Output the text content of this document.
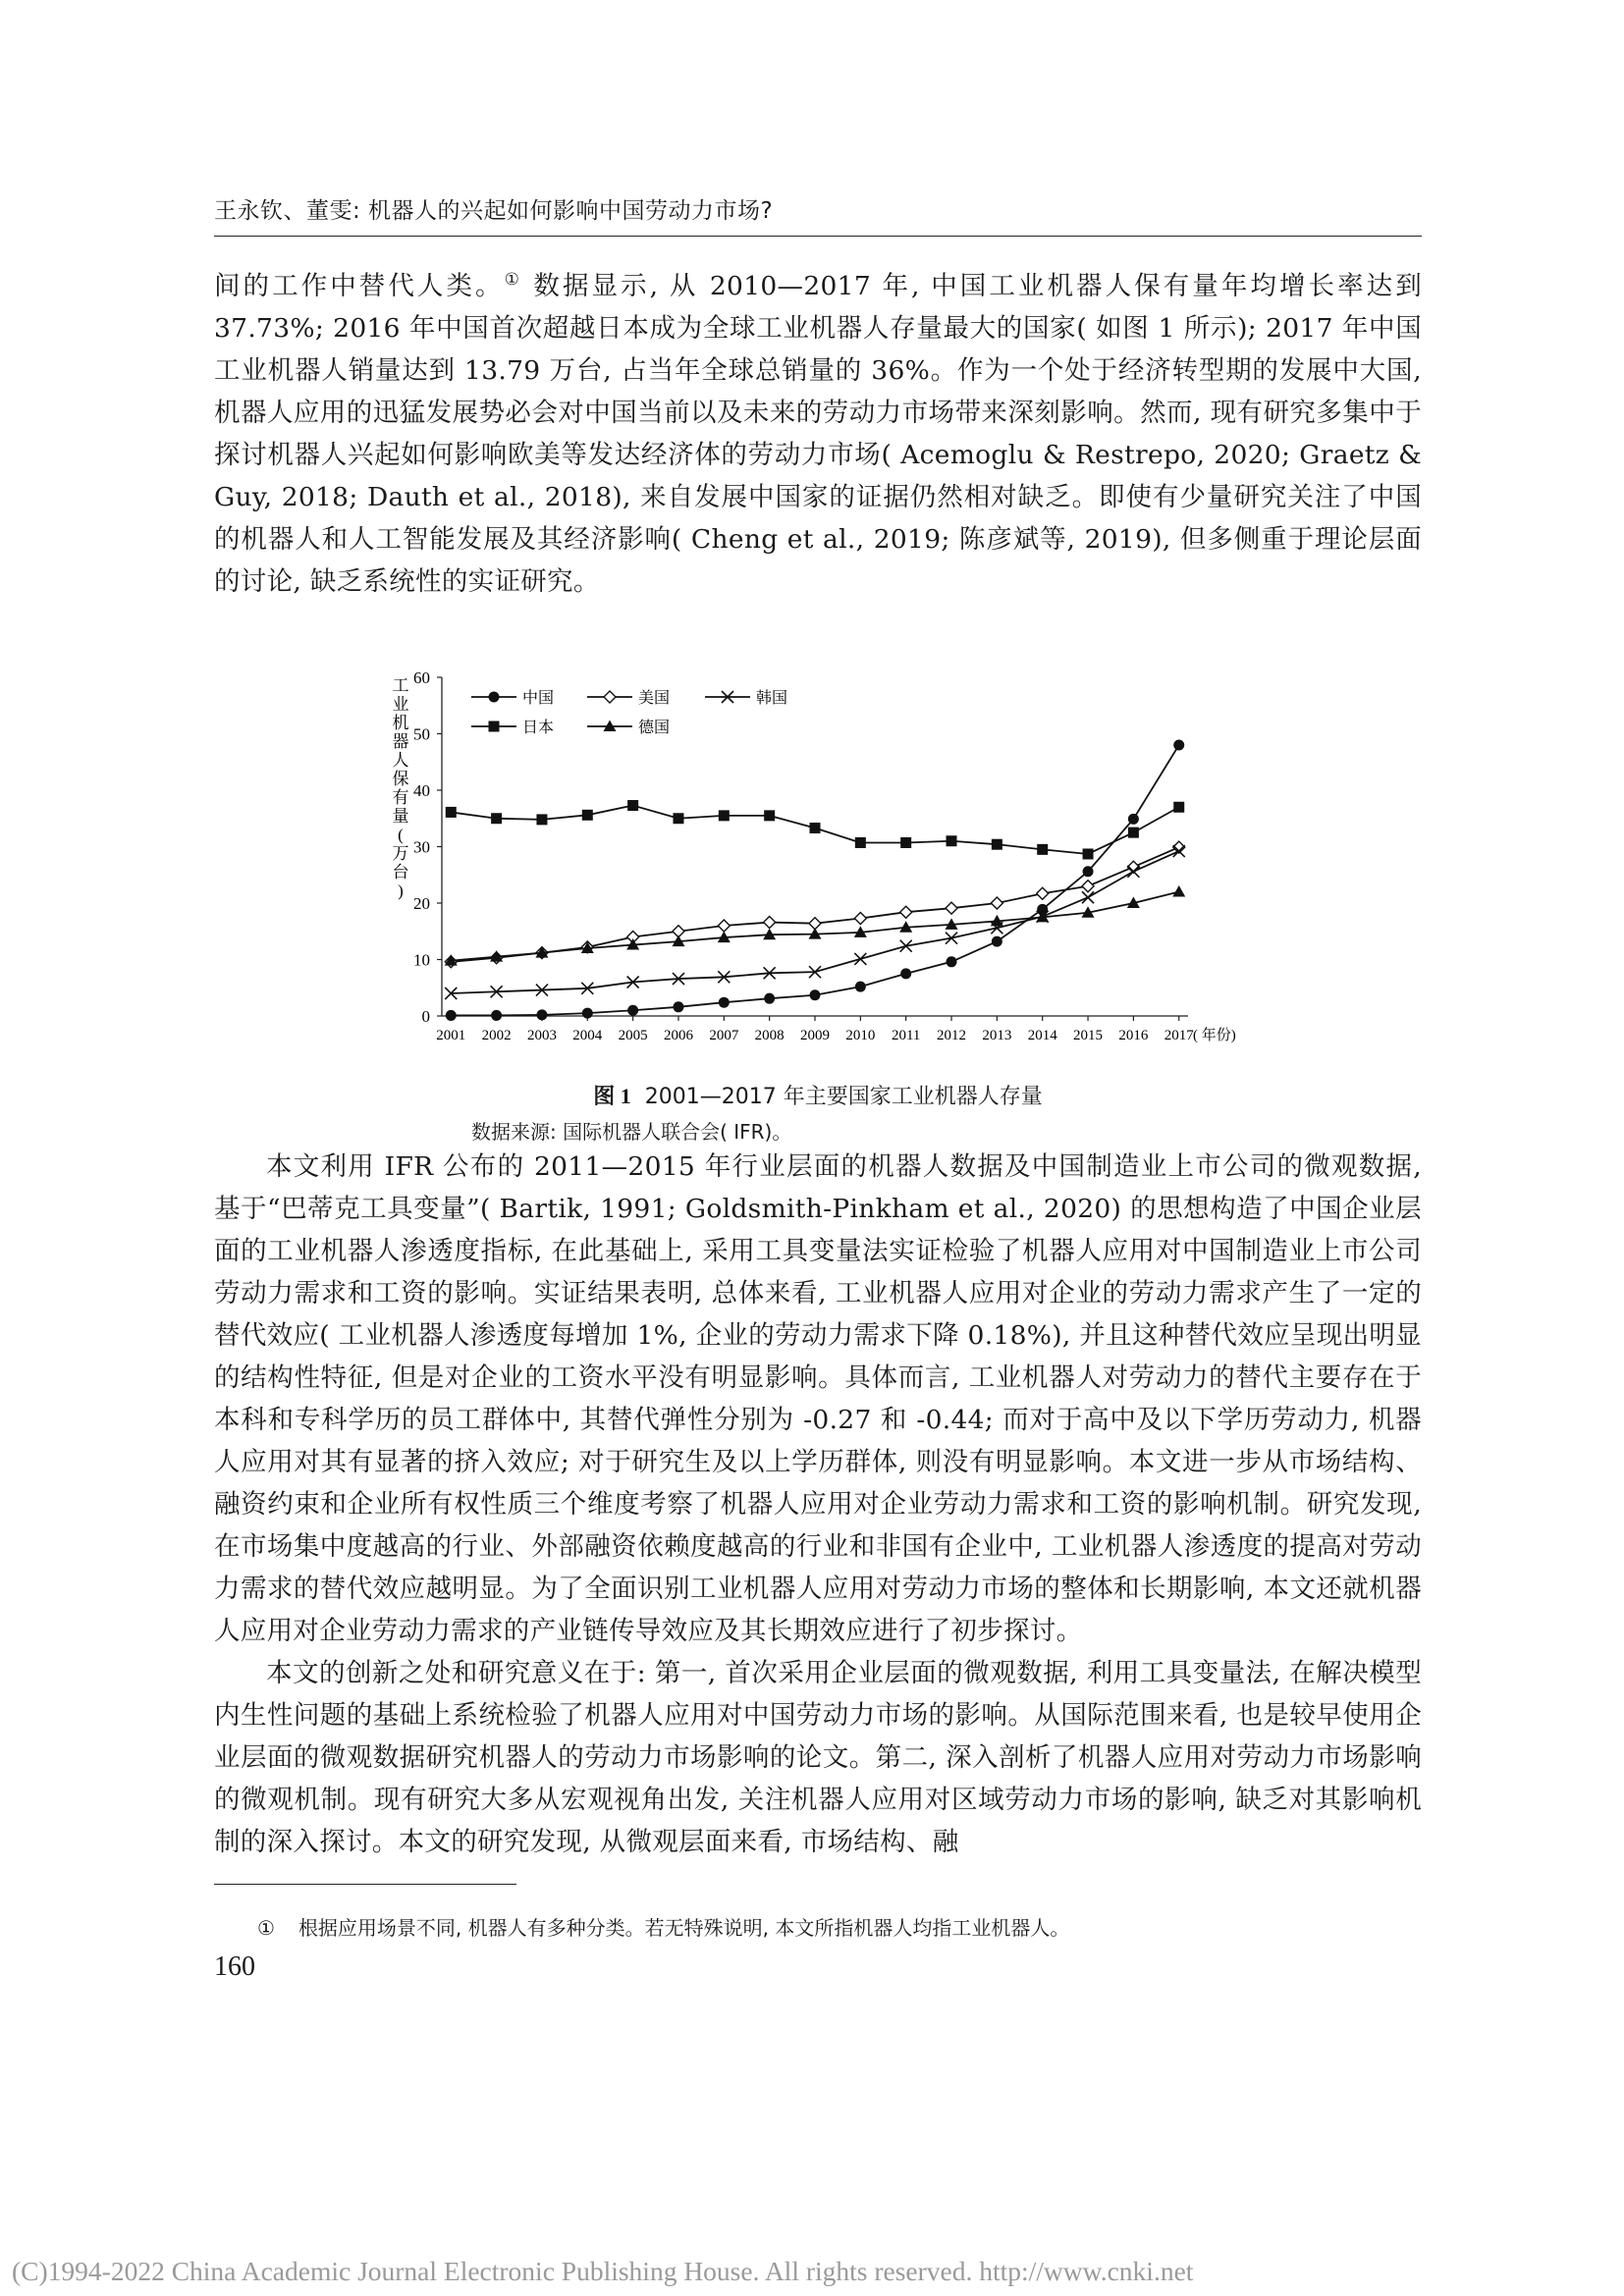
王永钦、董雯: 机器人的兴起如何影响中国劳动力市场?

间的工作中替代人类。① 数据显示, 从 2010—2017 年, 中国工业机器人保有量年均增长率达到 37.73%; 2016 年中国首次超越日本成为全球工业机器人存量最大的国家( 如图 1 所示); 2017 年中国工业机器人销量达到 13.79 万台, 占当年全球总销量的 36%。作为一个处于经济转型期的发展中大国, 机器人应用的迅猛发展势必会对中国当前以及未来的劳动力市场带来深刻影响。然而, 现有研究多集中于探讨机器人兴起如何影响欧美等发达经济体的劳动力市场( Acemoglu & Restrepo, 2020; Graetz & Guy, 2018; Dauth et al., 2018), 来自发展中国家的证据仍然相对缺乏。即使有少量研究关注了中国的机器人和人工智能发展及其经济影响( Cheng et al., 2019; 陈彦斌等, 2019), 但多侧重于理论层面的讨论, 缺乏系统性的实证研究。

0
10
20
30
40
50
60
2001 2002 2003 2004 2005 2006 2007 2008 2009 2010 2011 2012 2013 2014 2015 2016 2017 ( 年份)
工业机器人保有量(万台)
中国	美国	韩国
日本	德国
图 1 2001—2017 年主要国家工业机器人存量
数据来源: 国际机器人联合会( IFR)。

本文利用 IFR 公布的 2011—2015 年行业层面的机器人数据及中国制造业上市公司的微观数据, 基于“巴蒂克工具变量”( Bartik, 1991; Goldsmith-Pinkham et al., 2020) 的思想构造了中国企业层面的工业机器人渗透度指标, 在此基础上, 采用工具变量法实证检验了机器人应用对中国制造业上市公司劳动力需求和工资的影响。实证结果表明, 总体来看, 工业机器人应用对企业的劳动力需求产生了一定的替代效应( 工业机器人渗透度每增加 1%, 企业的劳动力需求下降 0.18%), 并且这种替代效应呈现出明显的结构性特征, 但是对企业的工资水平没有明显影响。具体而言, 工业机器人对劳动力的替代主要存在于本科和专科学历的员工群体中, 其替代弹性分别为 -0.27 和 -0.44; 而对于高中及以下学历劳动力, 机器人应用对其有显著的挤入效应; 对于研究生及以上学历群体, 则没有明显影响。本文进一步从市场结构、融资约束和企业所有权性质三个维度考察了机器人应用对企业劳动力需求和工资的影响机制。研究发现, 在市场集中度越高的行业、外部融资依赖度越高的行业和非国有企业中, 工业机器人渗透度的提高对劳动力需求的替代效应越明显。为了全面识别工业机器人应用对劳动力市场的整体和长期影响, 本文还就机器人应用对企业劳动力需求的产业链传导效应及其长期效应进行了初步探讨。

本文的创新之处和研究意义在于: 第一, 首次采用企业层面的微观数据, 利用工具变量法, 在解决模型内生性问题的基础上系统检验了机器人应用对中国劳动力市场的影响。从国际范围来看, 也是较早使用企业层面的微观数据研究机器人的劳动力市场影响的论文。第二, 深入剖析了机器人应用对劳动力市场影响的微观机制。现有研究大多从宏观视角出发, 关注机器人应用对区域劳动力市场的影响, 缺乏对其影响机制的深入探讨。本文的研究发现, 从微观层面来看, 市场结构、融

① 根据应用场景不同, 机器人有多种分类。若无特殊说明, 本文所指机器人均指工业机器人。
160
(C)1994-2022 China Academic Journal Electronic Publishing House. All rights reserved. http://www.cnki.net
